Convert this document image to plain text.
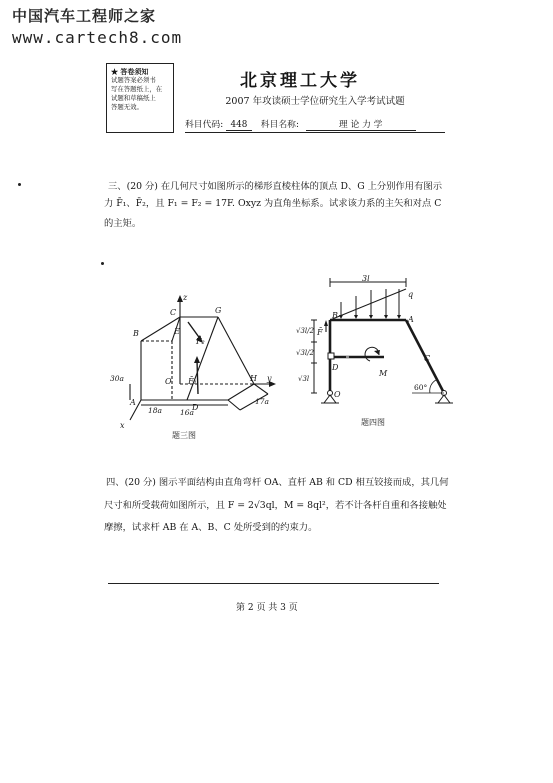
中国汽车工程师之家
www.cartech8.com
★ 答卷须知
试题答案必须书
写在答题纸上，在
试题和草稿纸上
答题无效。
北京理工大学
2007 年攻读硕士学位研究生入学考试试题
科目代码: 448 科目名称:	理 论 力 学
三、(20 分) 在几何尺寸如图所示的梯形直棱柱体的顶点 D、G 上分别作用有图示
力 F̄₁、F̄₂，且 F₁ = F₂ = 17F. Oxyz 为直角坐标系。试求该力系的主矢和对点 C
的主矩。
z
C	G
B	E
F̄₂
O F̄₁	H y
30a
A
D
18a 16a
17a
x
题三图
3l
q
B	A
F̄
√3l/2
√3l/2
√3l
C
D
M
O
60°
题四图
四、(20 分) 图示平面结构由直角弯杆 OA、直杆 AB 和 CD 相互铰接而成，其几何
尺寸和所受载荷如图所示，且 F = 2√3ql，M = 8ql²，若不计各杆自重和各接触处
摩擦，试求杆 AB 在 A、B、C 处所受到的约束力。
第 2 页 共 3 页
